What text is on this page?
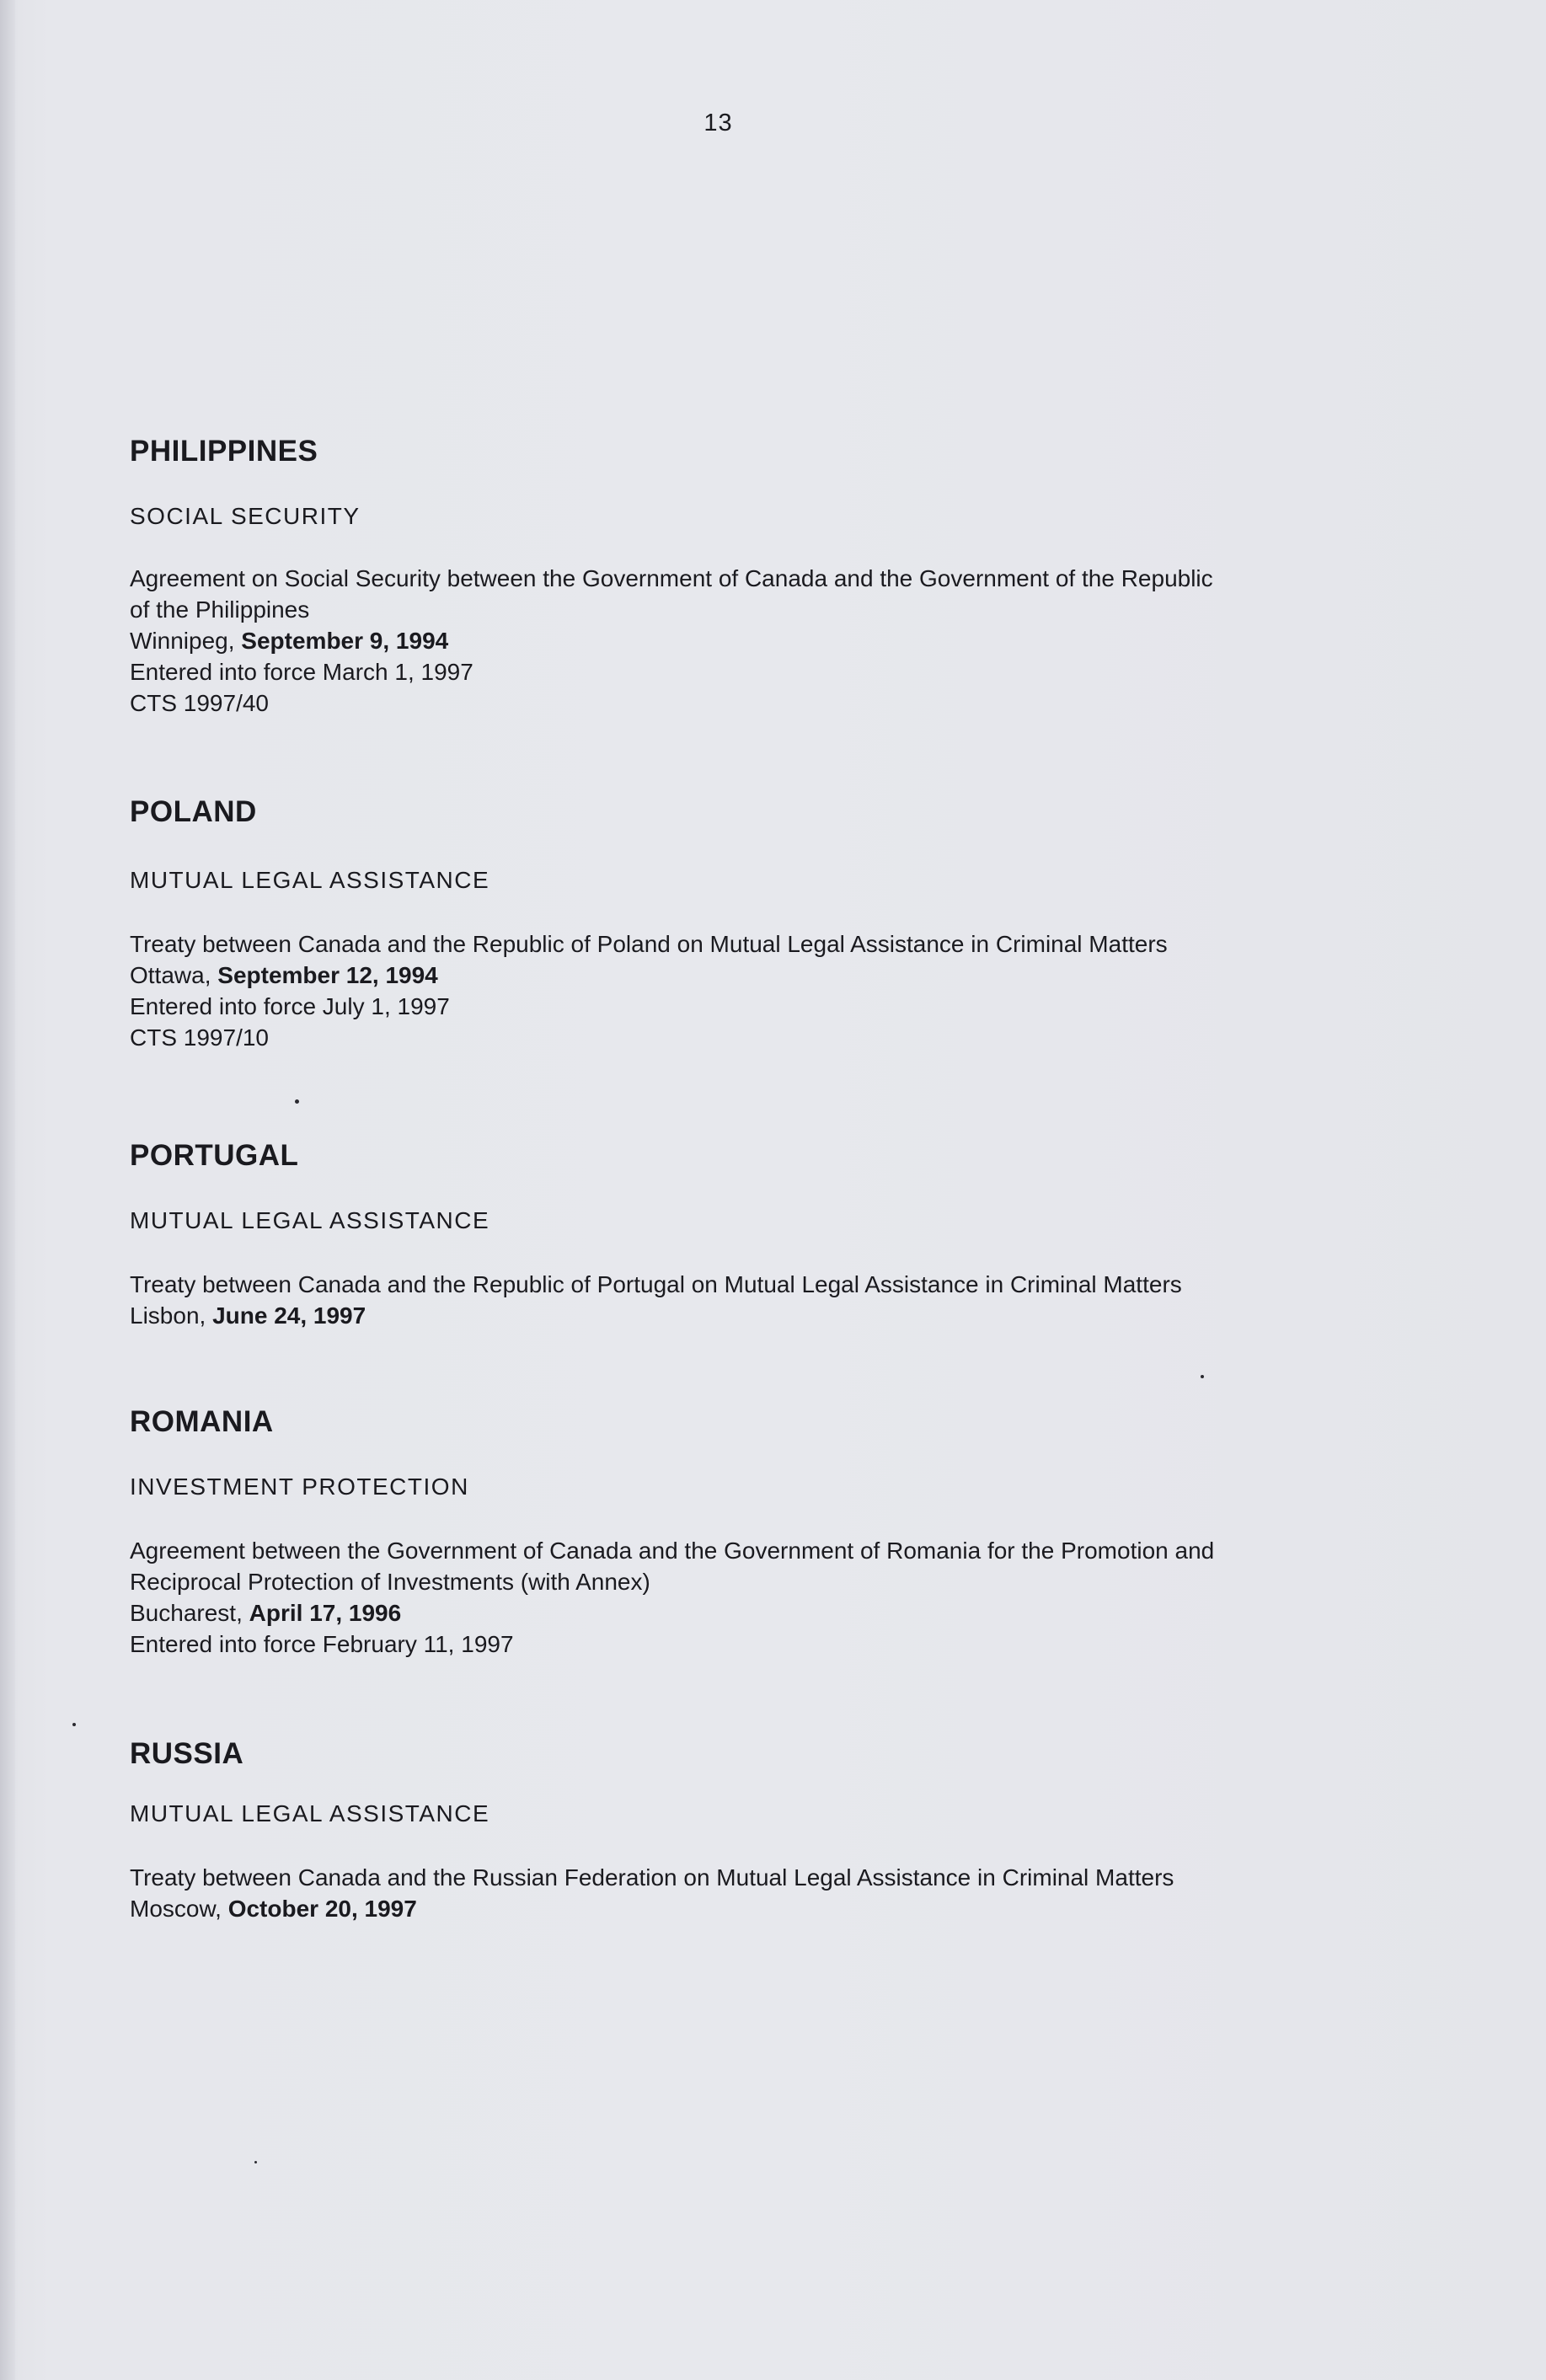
13

PHILIPPINES

SOCIAL SECURITY

Agreement on Social Security between the Government of Canada and the Government of the Republic

of the Philippines

Winnipeg, September 9, 1994

Entered into force March 1, 1997

CTS 1997/40

POLAND

MUTUAL LEGAL ASSISTANCE

Treaty between Canada and the Republic of Poland on Mutual Legal Assistance in Criminal Matters

Ottawa, September 12, 1994

Entered into force July 1, 1997

CTS 1997/10

PORTUGAL

MUTUAL LEGAL ASSISTANCE

Treaty between Canada and the Republic of Portugal on Mutual Legal Assistance in Criminal Matters

Lisbon, June 24, 1997

ROMANIA

INVESTMENT PROTECTION

Agreement between the Government of Canada and the Government of Romania for the Promotion and

Reciprocal Protection of Investments (with Annex)

Bucharest, April 17, 1996

Entered into force February 11, 1997

RUSSIA

MUTUAL LEGAL ASSISTANCE

Treaty between Canada and the Russian Federation on Mutual Legal Assistance in Criminal Matters

Moscow, October 20, 1997
